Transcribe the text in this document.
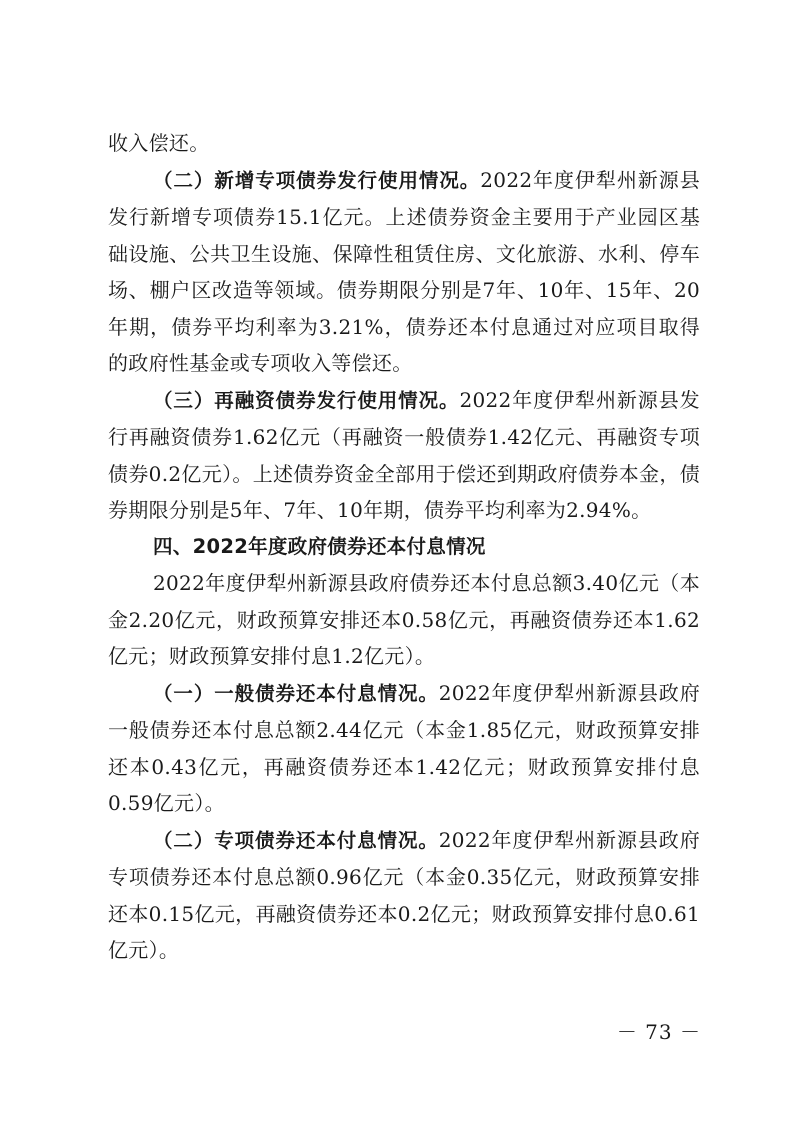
收入偿还。

（二）新增专项债券发行使用情况。2022年度伊犁州新源县发行新增专项债券15.1亿元。上述债券资金主要用于产业园区基础设施、公共卫生设施、保障性租赁住房、文化旅游、水利、停车场、棚户区改造等领域。债券期限分别是7年、10年、15年、20年期，债券平均利率为3.21%，债券还本付息通过对应项目取得的政府性基金或专项收入等偿还。

（三）再融资债券发行使用情况。2022年度伊犁州新源县发行再融资债券1.62亿元（再融资一般债券1.42亿元、再融资专项债券0.2亿元）。上述债券资金全部用于偿还到期政府债券本金，债券期限分别是5年、7年、10年期，债券平均利率为2.94%。

四、2022年度政府债券还本付息情况

2022年度伊犁州新源县政府债券还本付息总额3.40亿元（本金2.20亿元，财政预算安排还本0.58亿元，再融资债券还本1.62亿元；财政预算安排付息1.2亿元）。

（一）一般债券还本付息情况。2022年度伊犁州新源县政府一般债券还本付息总额2.44亿元（本金1.85亿元，财政预算安排还本0.43亿元，再融资债券还本1.42亿元；财政预算安排付息0.59亿元）。

（二）专项债券还本付息情况。2022年度伊犁州新源县政府专项债券还本付息总额0.96亿元（本金0.35亿元，财政预算安排还本0.15亿元，再融资债券还本0.2亿元；财政预算安排付息0.61亿元）。

－ 73 －
